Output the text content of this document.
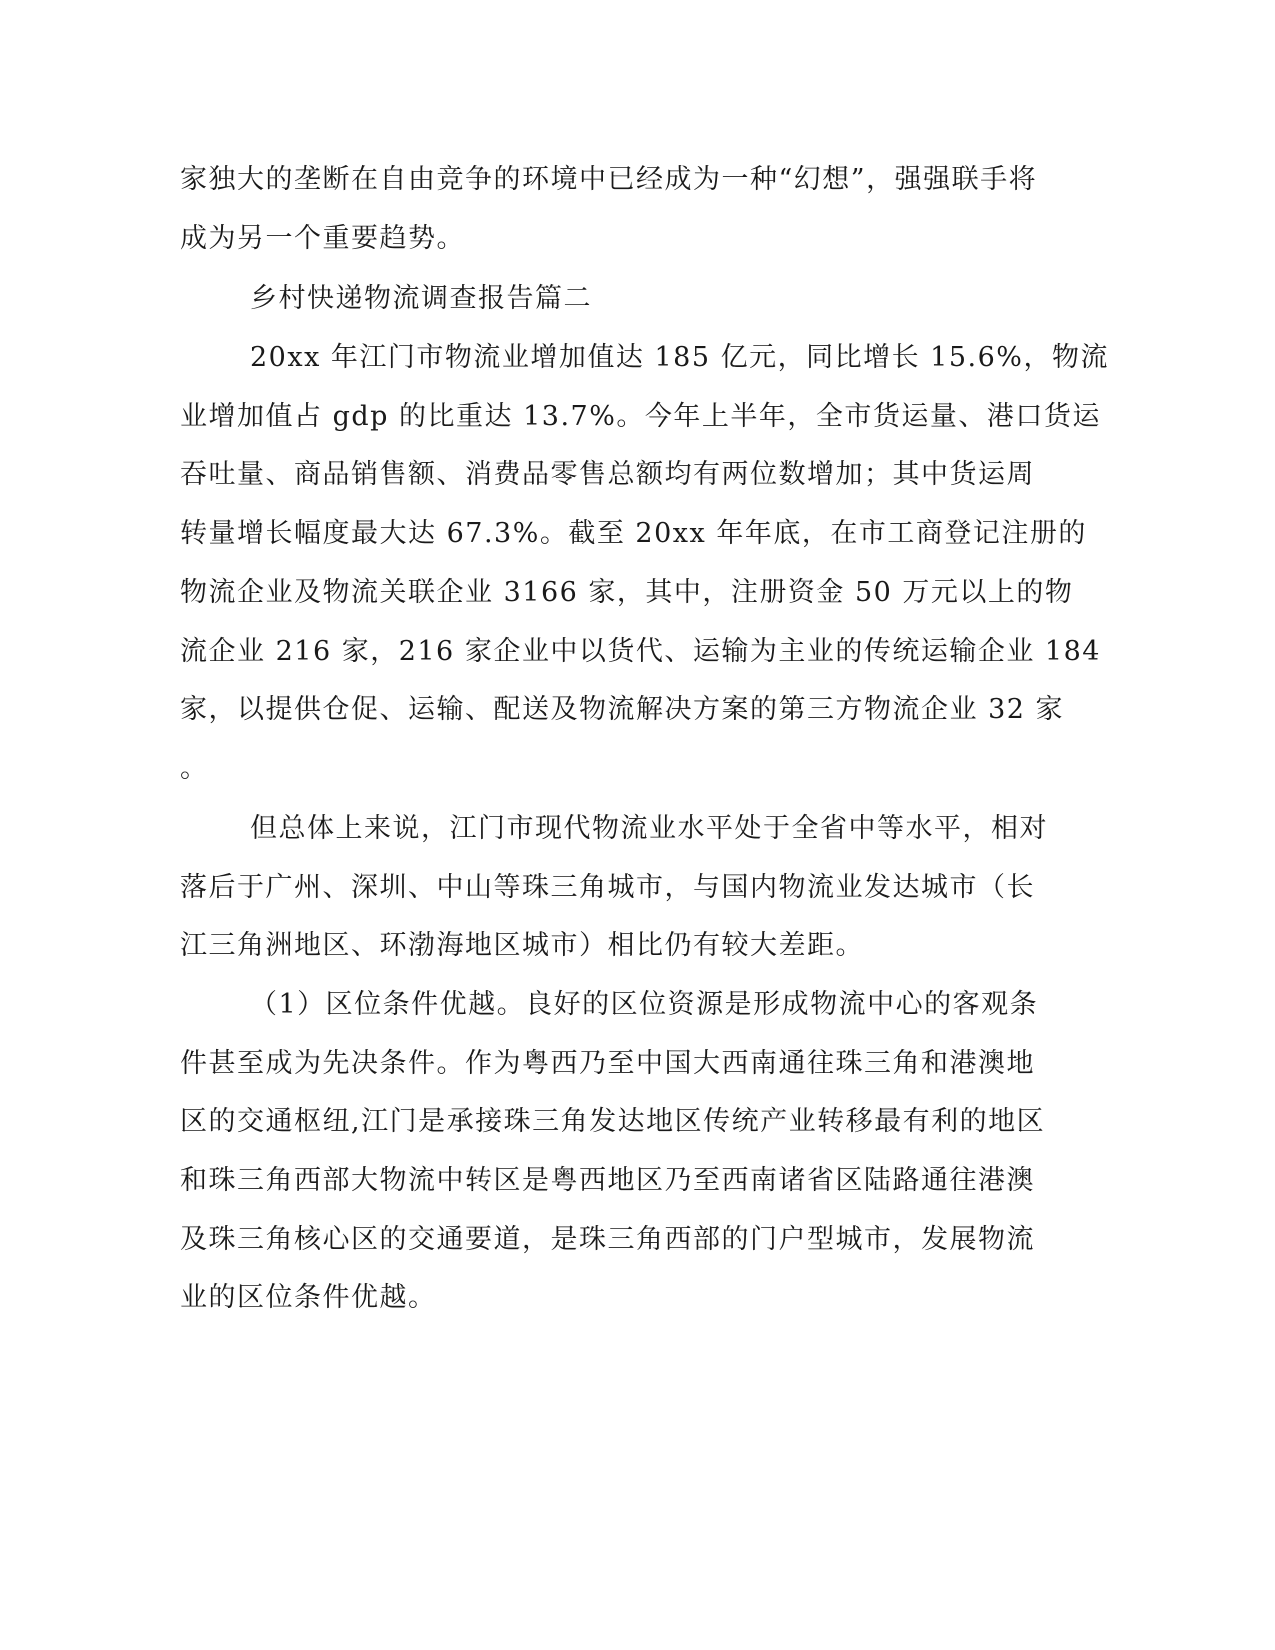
家独大的垄断在自由竞争的环境中已经成为一种“幻想”，强强联手将
成为另一个重要趋势。
乡村快递物流调查报告篇二
20xx 年江门市物流业增加值达 185 亿元，同比增长 15.6%，物流
业增加值占 gdp 的比重达 13.7%。今年上半年，全市货运量、港口货运
吞吐量、商品销售额、消费品零售总额均有两位数增加；其中货运周
转量增长幅度最大达 67.3%。截至 20xx 年年底，在市工商登记注册的
物流企业及物流关联企业 3166 家，其中，注册资金 50 万元以上的物
流企业 216 家，216 家企业中以货代、运输为主业的传统运输企业 184
家，以提供仓促、运输、配送及物流解决方案的第三方物流企业 32 家
。
但总体上来说，江门市现代物流业水平处于全省中等水平，相对
落后于广州、深圳、中山等珠三角城市，与国内物流业发达城市（长
江三角洲地区、环渤海地区城市）相比仍有较大差距。
（1）区位条件优越。良好的区位资源是形成物流中心的客观条
件甚至成为先决条件。作为粤西乃至中国大西南通往珠三角和港澳地
区的交通枢纽,江门是承接珠三角发达地区传统产业转移最有利的地区
和珠三角西部大物流中转区是粤西地区乃至西南诸省区陆路通往港澳
及珠三角核心区的交通要道，是珠三角西部的门户型城市，发展物流
业的区位条件优越。
